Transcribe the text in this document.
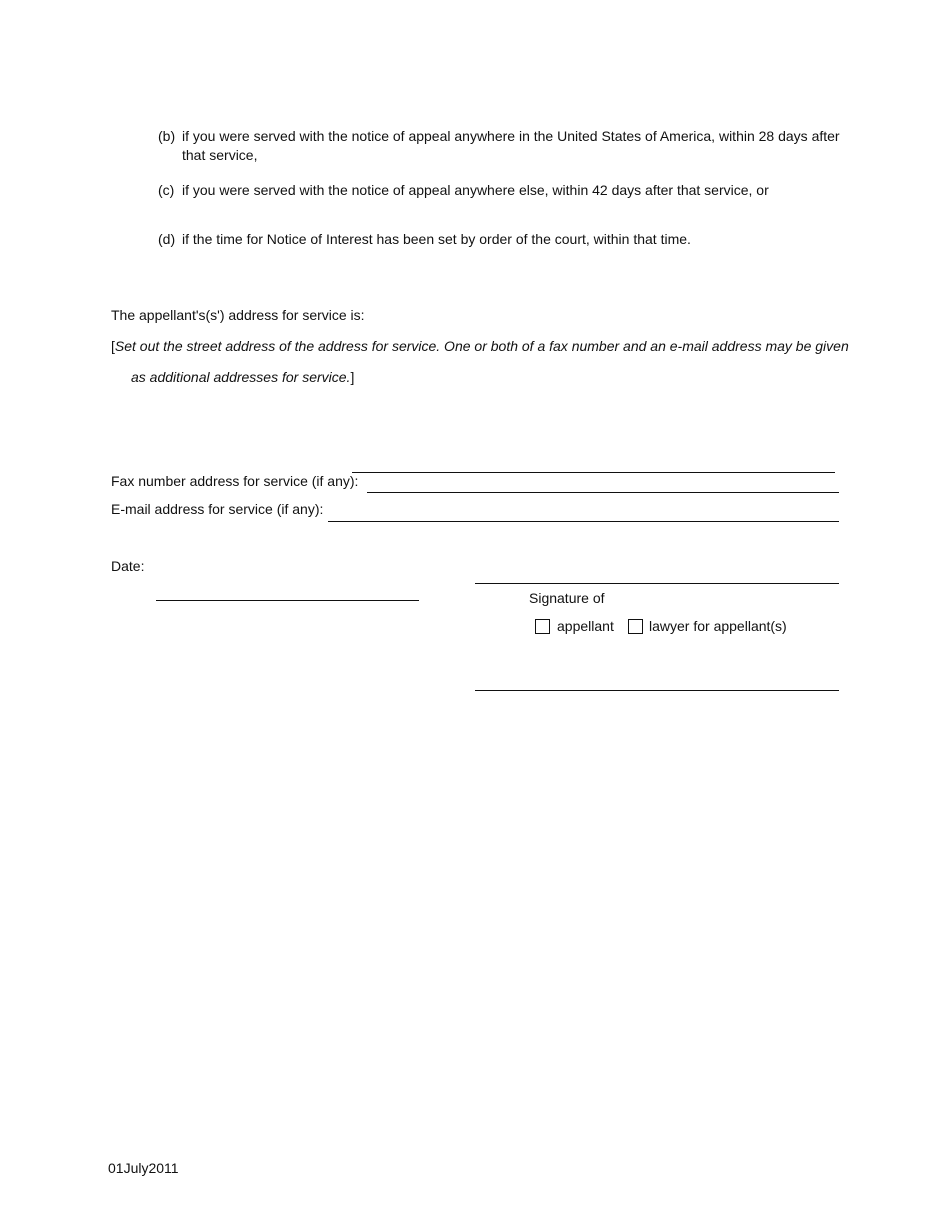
(b) if you were served with the notice of appeal anywhere in the United States of America, within 28 days after that service,
(c) if you were served with the notice of appeal anywhere else, within 42 days after that service, or
(d) if the time for Notice of Interest has been set by order of the court, within that time.
The appellant's(s') address for service is:
[Set out the street address of the address for service. One or both of a fax number and an e-mail address may be given
as additional addresses for service.]
Fax number address for service (if any):
E-mail address for service (if any):
Date:
Signature of
appellant	lawyer for appellant(s)
01July2011
